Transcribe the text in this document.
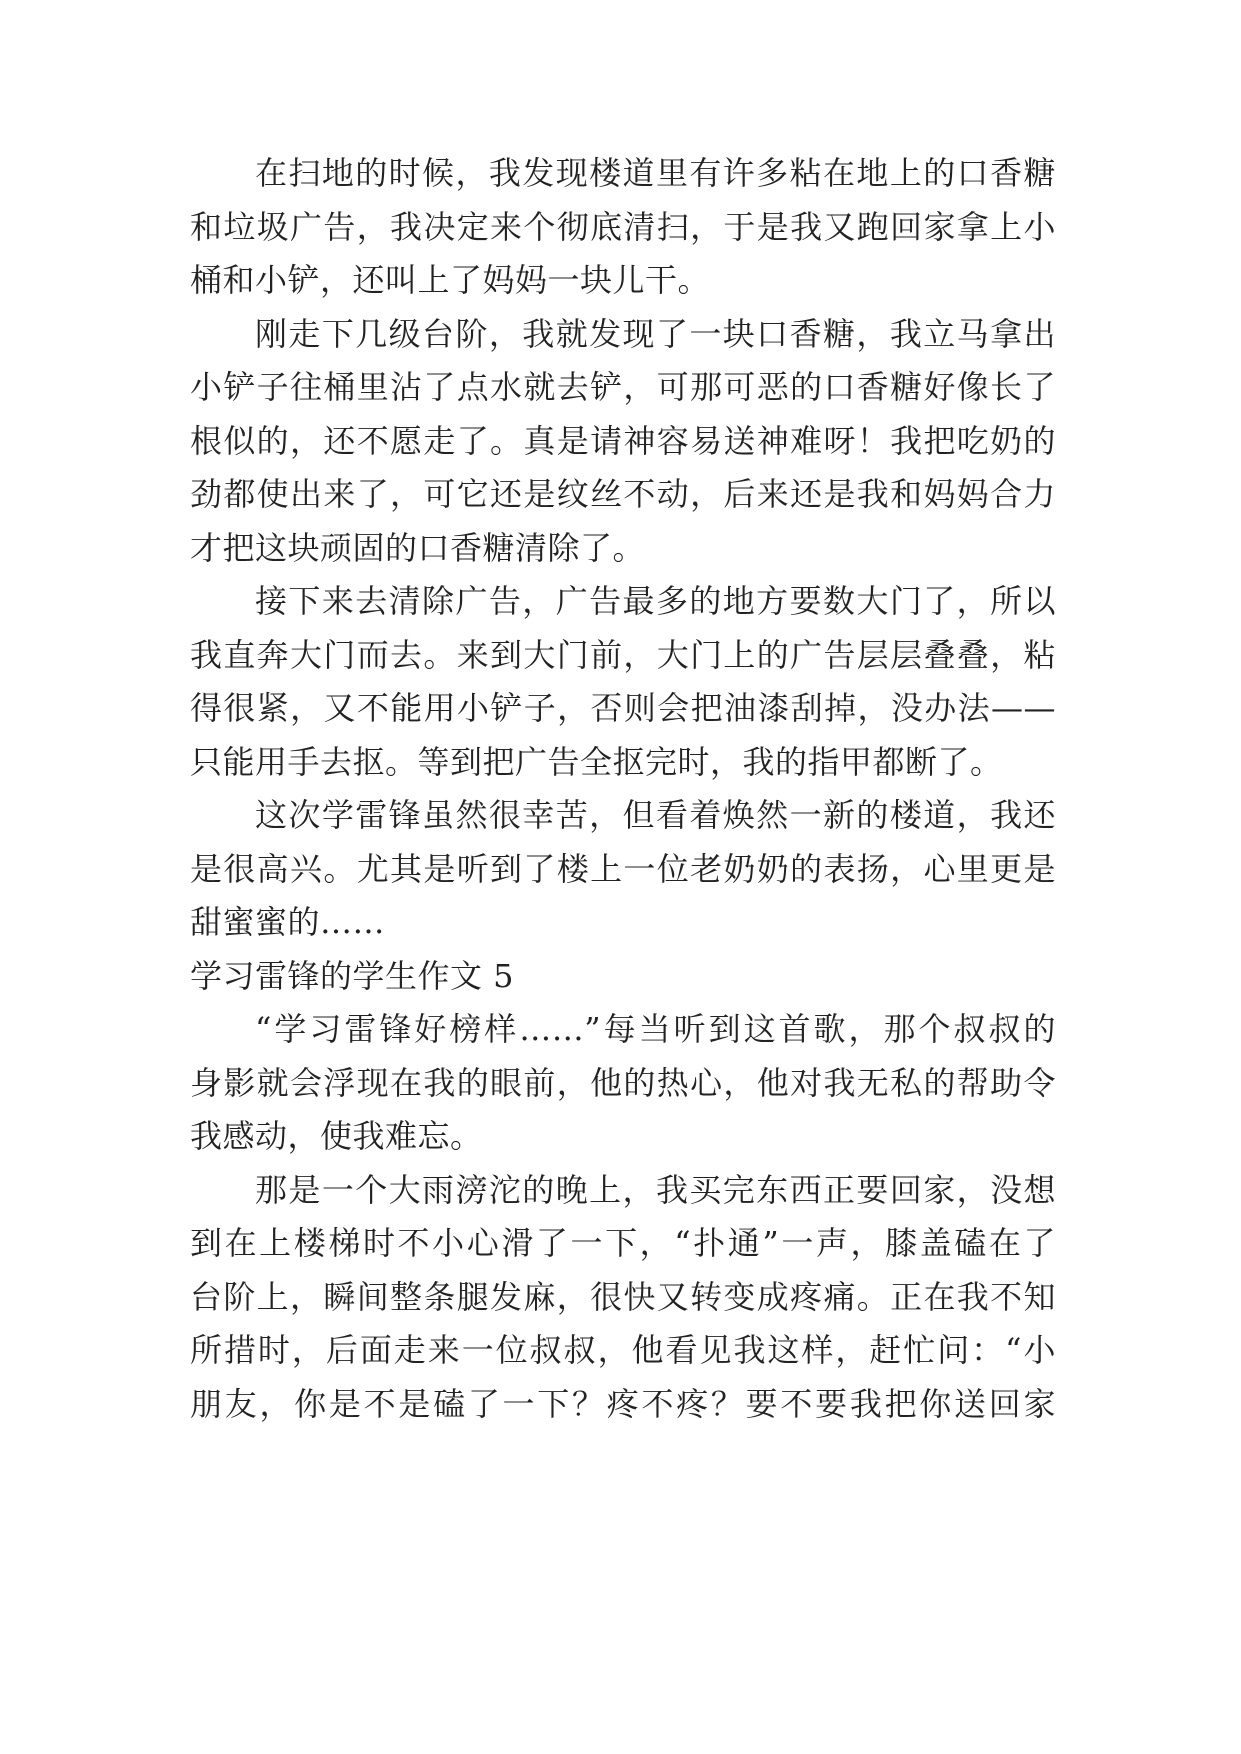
在扫地的时候，我发现楼道里有许多粘在地上的口香糖
和垃圾广告，我决定来个彻底清扫，于是我又跑回家拿上小
桶和小铲，还叫上了妈妈一块儿干。
刚走下几级台阶，我就发现了一块口香糖，我立马拿出
小铲子往桶里沾了点水就去铲，可那可恶的口香糖好像长了
根似的，还不愿走了。真是请神容易送神难呀！我把吃奶的
劲都使出来了，可它还是纹丝不动，后来还是我和妈妈合力
才把这块顽固的口香糖清除了。
接下来去清除广告，广告最多的地方要数大门了，所以
我直奔大门而去。来到大门前，大门上的广告层层叠叠，粘
得很紧，又不能用小铲子，否则会把油漆刮掉，没办法——
只能用手去抠。等到把广告全抠完时，我的指甲都断了。
这次学雷锋虽然很幸苦，但看着焕然一新的楼道，我还
是很高兴。尤其是听到了楼上一位老奶奶的表扬，心里更是
甜蜜蜜的……
学习雷锋的学生作文 5
“学习雷锋好榜样……”每当听到这首歌，那个叔叔的
身影就会浮现在我的眼前，他的热心，他对我无私的帮助令
我感动，使我难忘。
那是一个大雨滂沱的晚上，我买完东西正要回家，没想
到在上楼梯时不小心滑了一下，“扑通”一声，膝盖磕在了
台阶上，瞬间整条腿发麻，很快又转变成疼痛。正在我不知
所措时，后面走来一位叔叔，他看见我这样，赶忙问：“小
朋友，你是不是磕了一下？疼不疼？要不要我把你送回家
